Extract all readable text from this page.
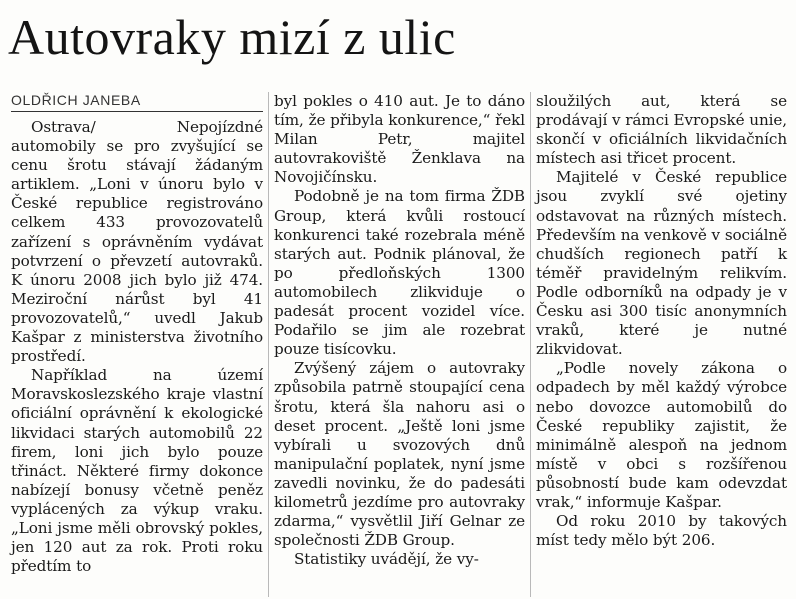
Autovraky mizí z ulic
OLDŘICH JANEBA

Ostrava/ Nepojízdné automobily se pro zvyšující se cenu šrotu stávají žádaným artiklem. „Loni v únoru bylo v České republice registrováno celkem 433 provozovatelů zařízení s oprávněním vydávat potvrzení o převzetí autovraků. K únoru 2008 jich bylo již 474. Meziroční nárůst byl 41 provozovatelů,“ uvedl Jakub Kašpar z ministerstva životního prostředí.

Například na území Moravskoslezského kraje vlastní oficiální oprávnění k ekologické likvidaci starých automobilů 22 firem, loni jich bylo pouze třináct. Některé firmy dokonce nabízejí bonusy včetně peněz vyplácených za výkup vraku. „Loni jsme měli obrovský pokles, jen 120 aut za rok. Proti roku předtím to

byl pokles o 410 aut. Je to dáno tím, že přibyla konkurence,“ řekl Milan Petr, majitel autovrakoviště Ženklava na Novojičínsku.

Podobně je na tom firma ŽDB Group, která kvůli rostoucí konkurenci také rozebrala méně starých aut. Podnik plánoval, že po předloňských 1300 automobilech zlikviduje o padesát procent vozidel více. Podařilo se jim ale rozebrat pouze tisícovku.

Zvýšený zájem o autovraky způsobila patrně stoupající cena šrotu, která šla nahoru asi o deset procent. „Ještě loni jsme vybírali u svozových dnů manipulační poplatek, nyní jsme zavedli novinku, že do padesáti kilometrů jezdíme pro autovraky zdarma,“ vysvětlil Jiří Gelnar ze společnosti ŽDB Group.

Statistiky uvádějí, že vy-

sloužilých aut, která se prodávají v rámci Evropské unie, skončí v oficiálních likvidačních místech asi třicet procent.

Majitelé v České republice jsou zvyklí své ojetiny odstavovat na různých místech. Především na venkově v sociálně chudších regionech patří k téměř pravidelným relikvím. Podle odborníků na odpady je v Česku asi 300 tisíc anonymních vraků, které je nutné zlikvidovat.

„Podle novely zákona o odpadech by měl každý výrobce nebo dovozce automobilů do České republiky zajistit, že minimálně alespoň na jednom místě v obci s rozšířenou působností bude kam odevzdat vrak,“ informuje Kašpar.

Od roku 2010 by takových míst tedy mělo být 206.
